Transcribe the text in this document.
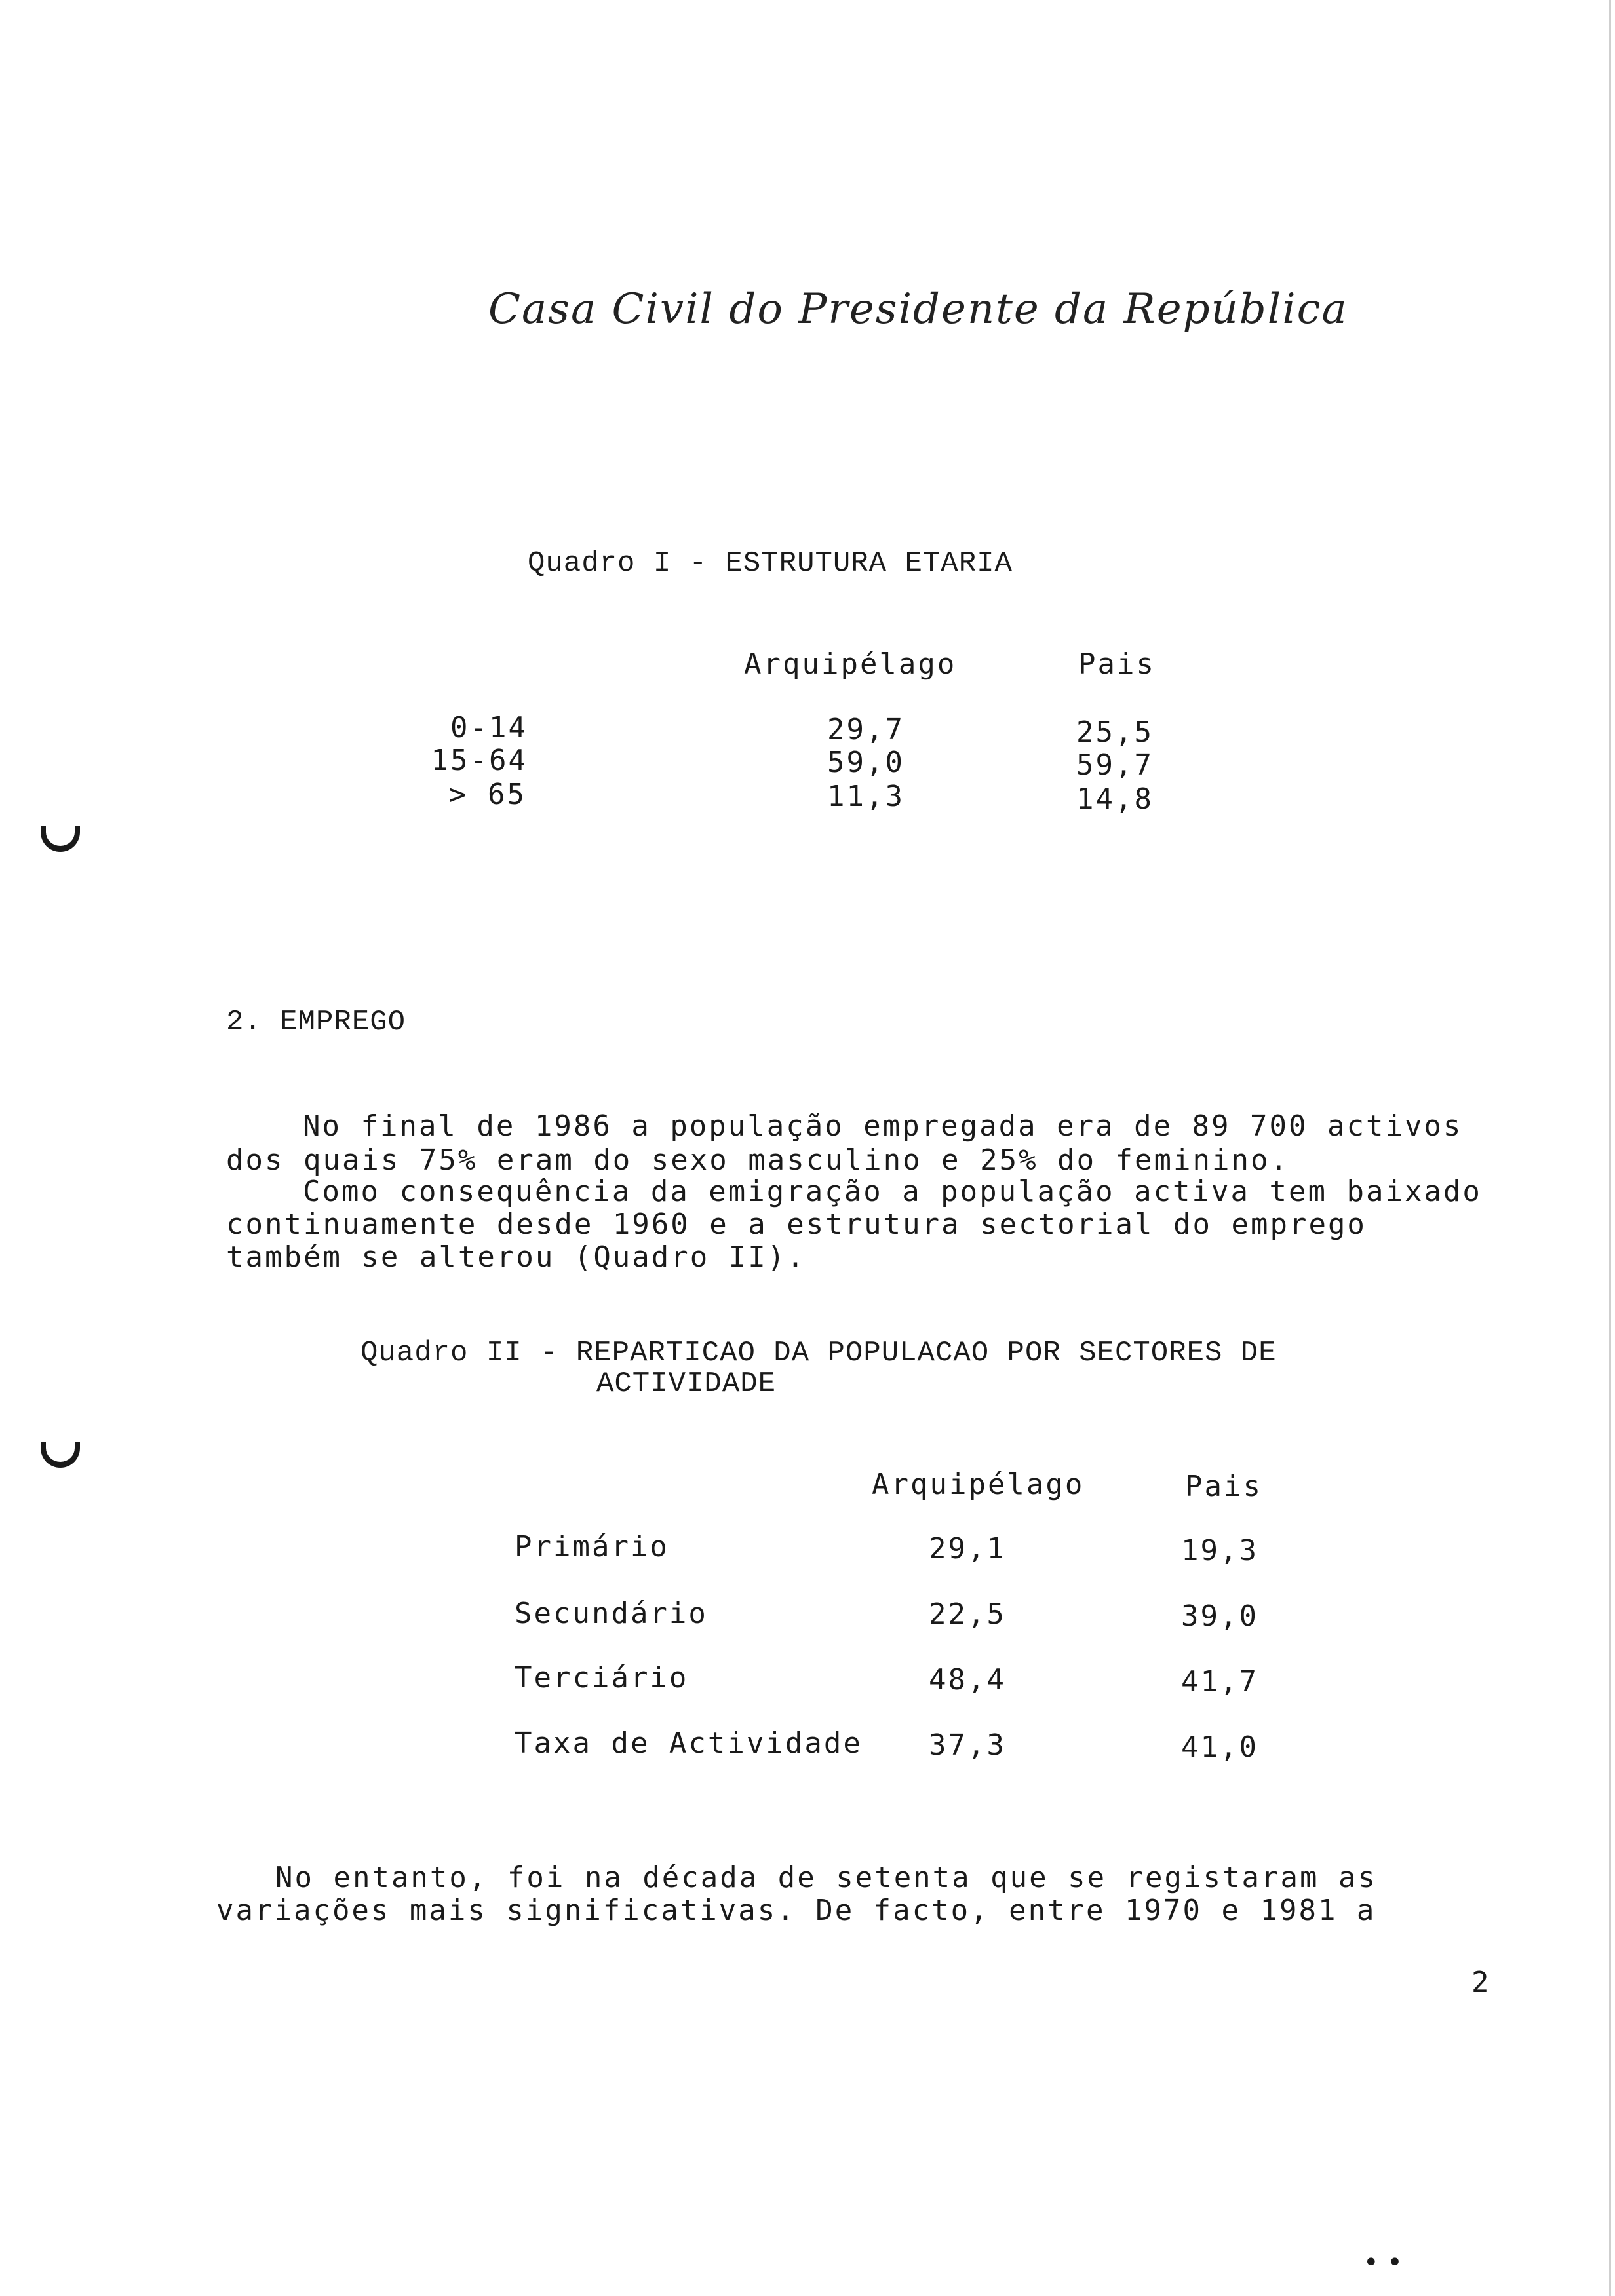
Casa Civil do Presidente da República
Quadro I - ESTRUTURA ETARIA
Arquipélago	Pais
0-14	29,7	25,5
15-64	59,0	59,7
> 65	11,3	14,8
2. EMPREGO
No final de 1986 a população empregada era de 89 700 activos
dos quais 75% eram do sexo masculino e 25% do feminino.
Como consequência da emigração a população activa tem baixado
continuamente desde 1960 e a estrutura sectorial do emprego
também se alterou (Quadro II).
Quadro II - REPARTICAO DA POPULACAO POR SECTORES DE
ACTIVIDADE
Arquipélago	Pais
Primário	29,1	19,3
Secundário	22,5	39,0
Terciário	48,4	41,7
Taxa de Actividade	37,3	41,0
No entanto, foi na década de setenta que se registaram as
variações mais significativas. De facto, entre 1970 e 1981 a
2
• •
